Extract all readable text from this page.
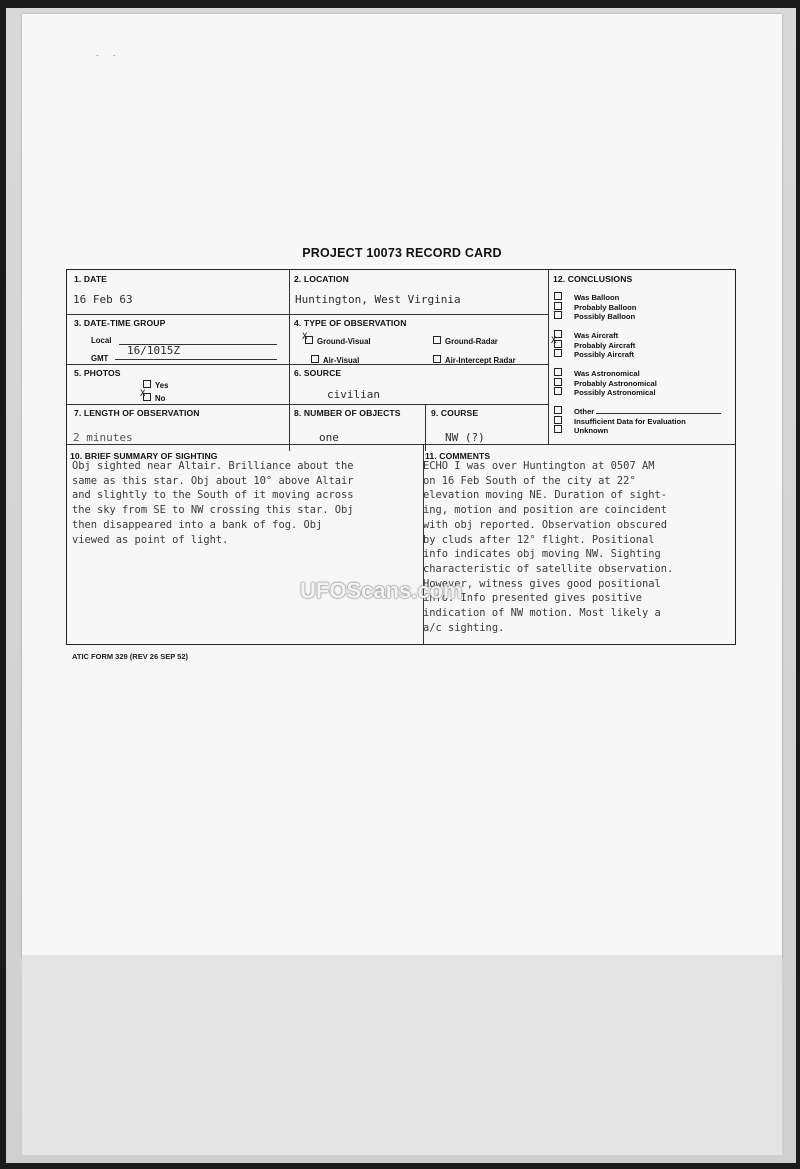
. .
PROJECT 10073 RECORD CARD
1. DATE
16 Feb 63
2. LOCATION
Huntington, West Virginia
3. DATE-TIME GROUP
Local
GMT
16/1015Z
4. TYPE OF OBSERVATION
XGround-Visual	Ground-Radar
Air-Visual	Air-Intercept Radar
5. PHOTOS
Yes
XNo
6. SOURCE
civilian
7. LENGTH OF OBSERVATION
2 minutes
8. NUMBER OF OBJECTS
one
9. COURSE
NW (?)
12. CONCLUSIONS
Was Balloon
Probably Balloon
Possibly Balloon
Was Aircraft
XProbably Aircraft
Possibly Aircraft
Was Astronomical
Probably Astronomical
Possibly Astronomical
Other
Insufficient Data for Evaluation
Unknown
10. BRIEF SUMMARY OF SIGHTING
Obj sighted near Altair. Brilliance about the
same as this star. Obj about 10° above Altair
and slightly to the South of it moving across
the sky from SE to NW crossing this star. Obj
then disappeared into a bank of fog. Obj
viewed as point of light.
11. COMMENTS
ECHO I was over Huntington at 0507 AM
on 16 Feb South of the city at 22°
elevation moving NE. Duration of sight-
ing, motion and position are coincident
with obj reported. Observation obscured
by cluds after 12° flight. Positional
info indicates obj moving NW. Sighting
characteristic of satellite observation.
However, witness gives good positional
info. Info presented gives positive
indication of NW motion. Most likely a
a/c sighting.
UFOScans.com
ATIC FORM 329 (REV 26 SEP 52)
